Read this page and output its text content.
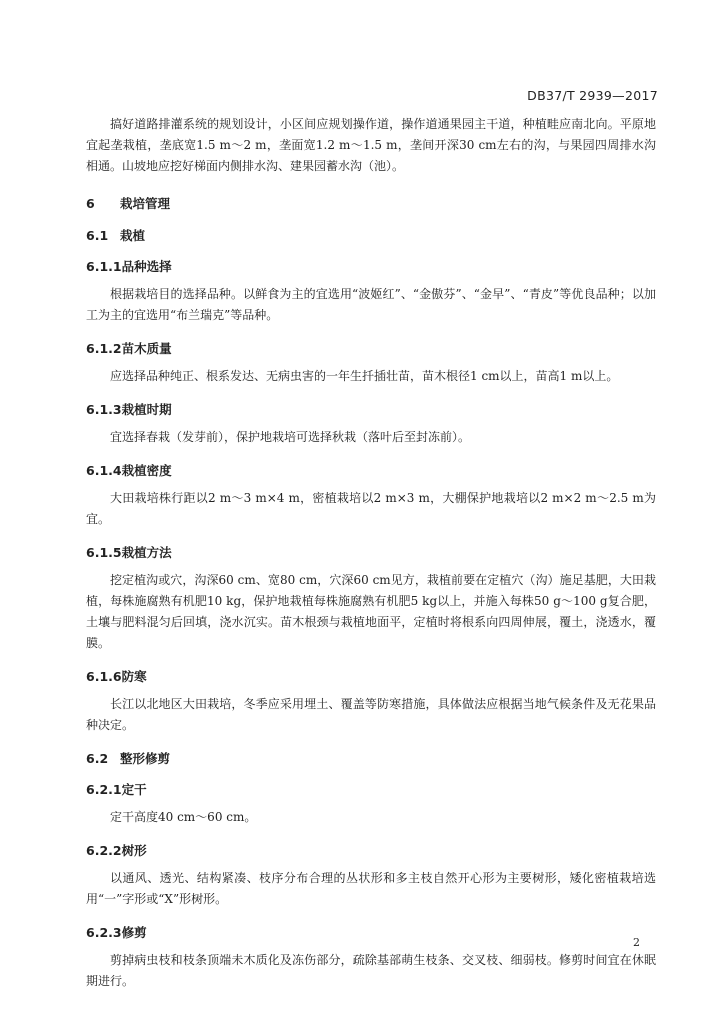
DB37/T 2939—2017

搞好道路排灌系统的规划设计，小区间应规划操作道，操作道通果园主干道，种植畦应南北向。平原地宜起垄栽植，垄底宽1.5 m～2 m，垄面宽1.2 m～1.5 m，垄间开深30 cm左右的沟，与果园四周排水沟相通。山坡地应挖好梯面内侧排水沟、建果园蓄水沟（池）。

6 栽培管理
6.1 栽植
6.1.1品种选择

根据栽培目的选择品种。以鲜食为主的宜选用“波姬红”、“金傲芬”、“金早”、“青皮”等优良品种；以加工为主的宜选用“布兰瑞克”等品种。

6.1.2苗木质量

应选择品种纯正、根系发达、无病虫害的一年生扦插壮苗，苗木根径1 cm以上，苗高1 m以上。

6.1.3栽植时期

宜选择春栽（发芽前），保护地栽培可选择秋栽（落叶后至封冻前）。

6.1.4栽植密度

大田栽培株行距以2 m～3 m×4 m，密植栽培以2 m×3 m，大棚保护地栽培以2 m×2 m～2.5 m为宜。

6.1.5栽植方法

挖定植沟或穴，沟深60 cm、宽80 cm，穴深60 cm见方，栽植前要在定植穴（沟）施足基肥，大田栽植，每株施腐熟有机肥10 kg，保护地栽植每株施腐熟有机肥5 kg以上，并施入每株50 g～100 g复合肥，土壤与肥料混匀后回填，浇水沉实。苗木根颈与栽植地面平，定植时将根系向四周伸展，覆土，浇透水，覆膜。

6.1.6防寒

长江以北地区大田栽培，冬季应采用埋土、覆盖等防寒措施，具体做法应根据当地气候条件及无花果品种决定。

6.2 整形修剪
6.2.1定干

定干高度40 cm～60 cm。

6.2.2树形

以通风、透光、结构紧凑、枝序分布合理的丛状形和多主枝自然开心形为主要树形，矮化密植栽培选用“一”字形或“X”形树形。

6.2.3修剪

剪掉病虫枝和枝条顶端未木质化及冻伤部分，疏除基部萌生枝条、交叉枝、细弱枝。修剪时间宜在休眠期进行。

2
